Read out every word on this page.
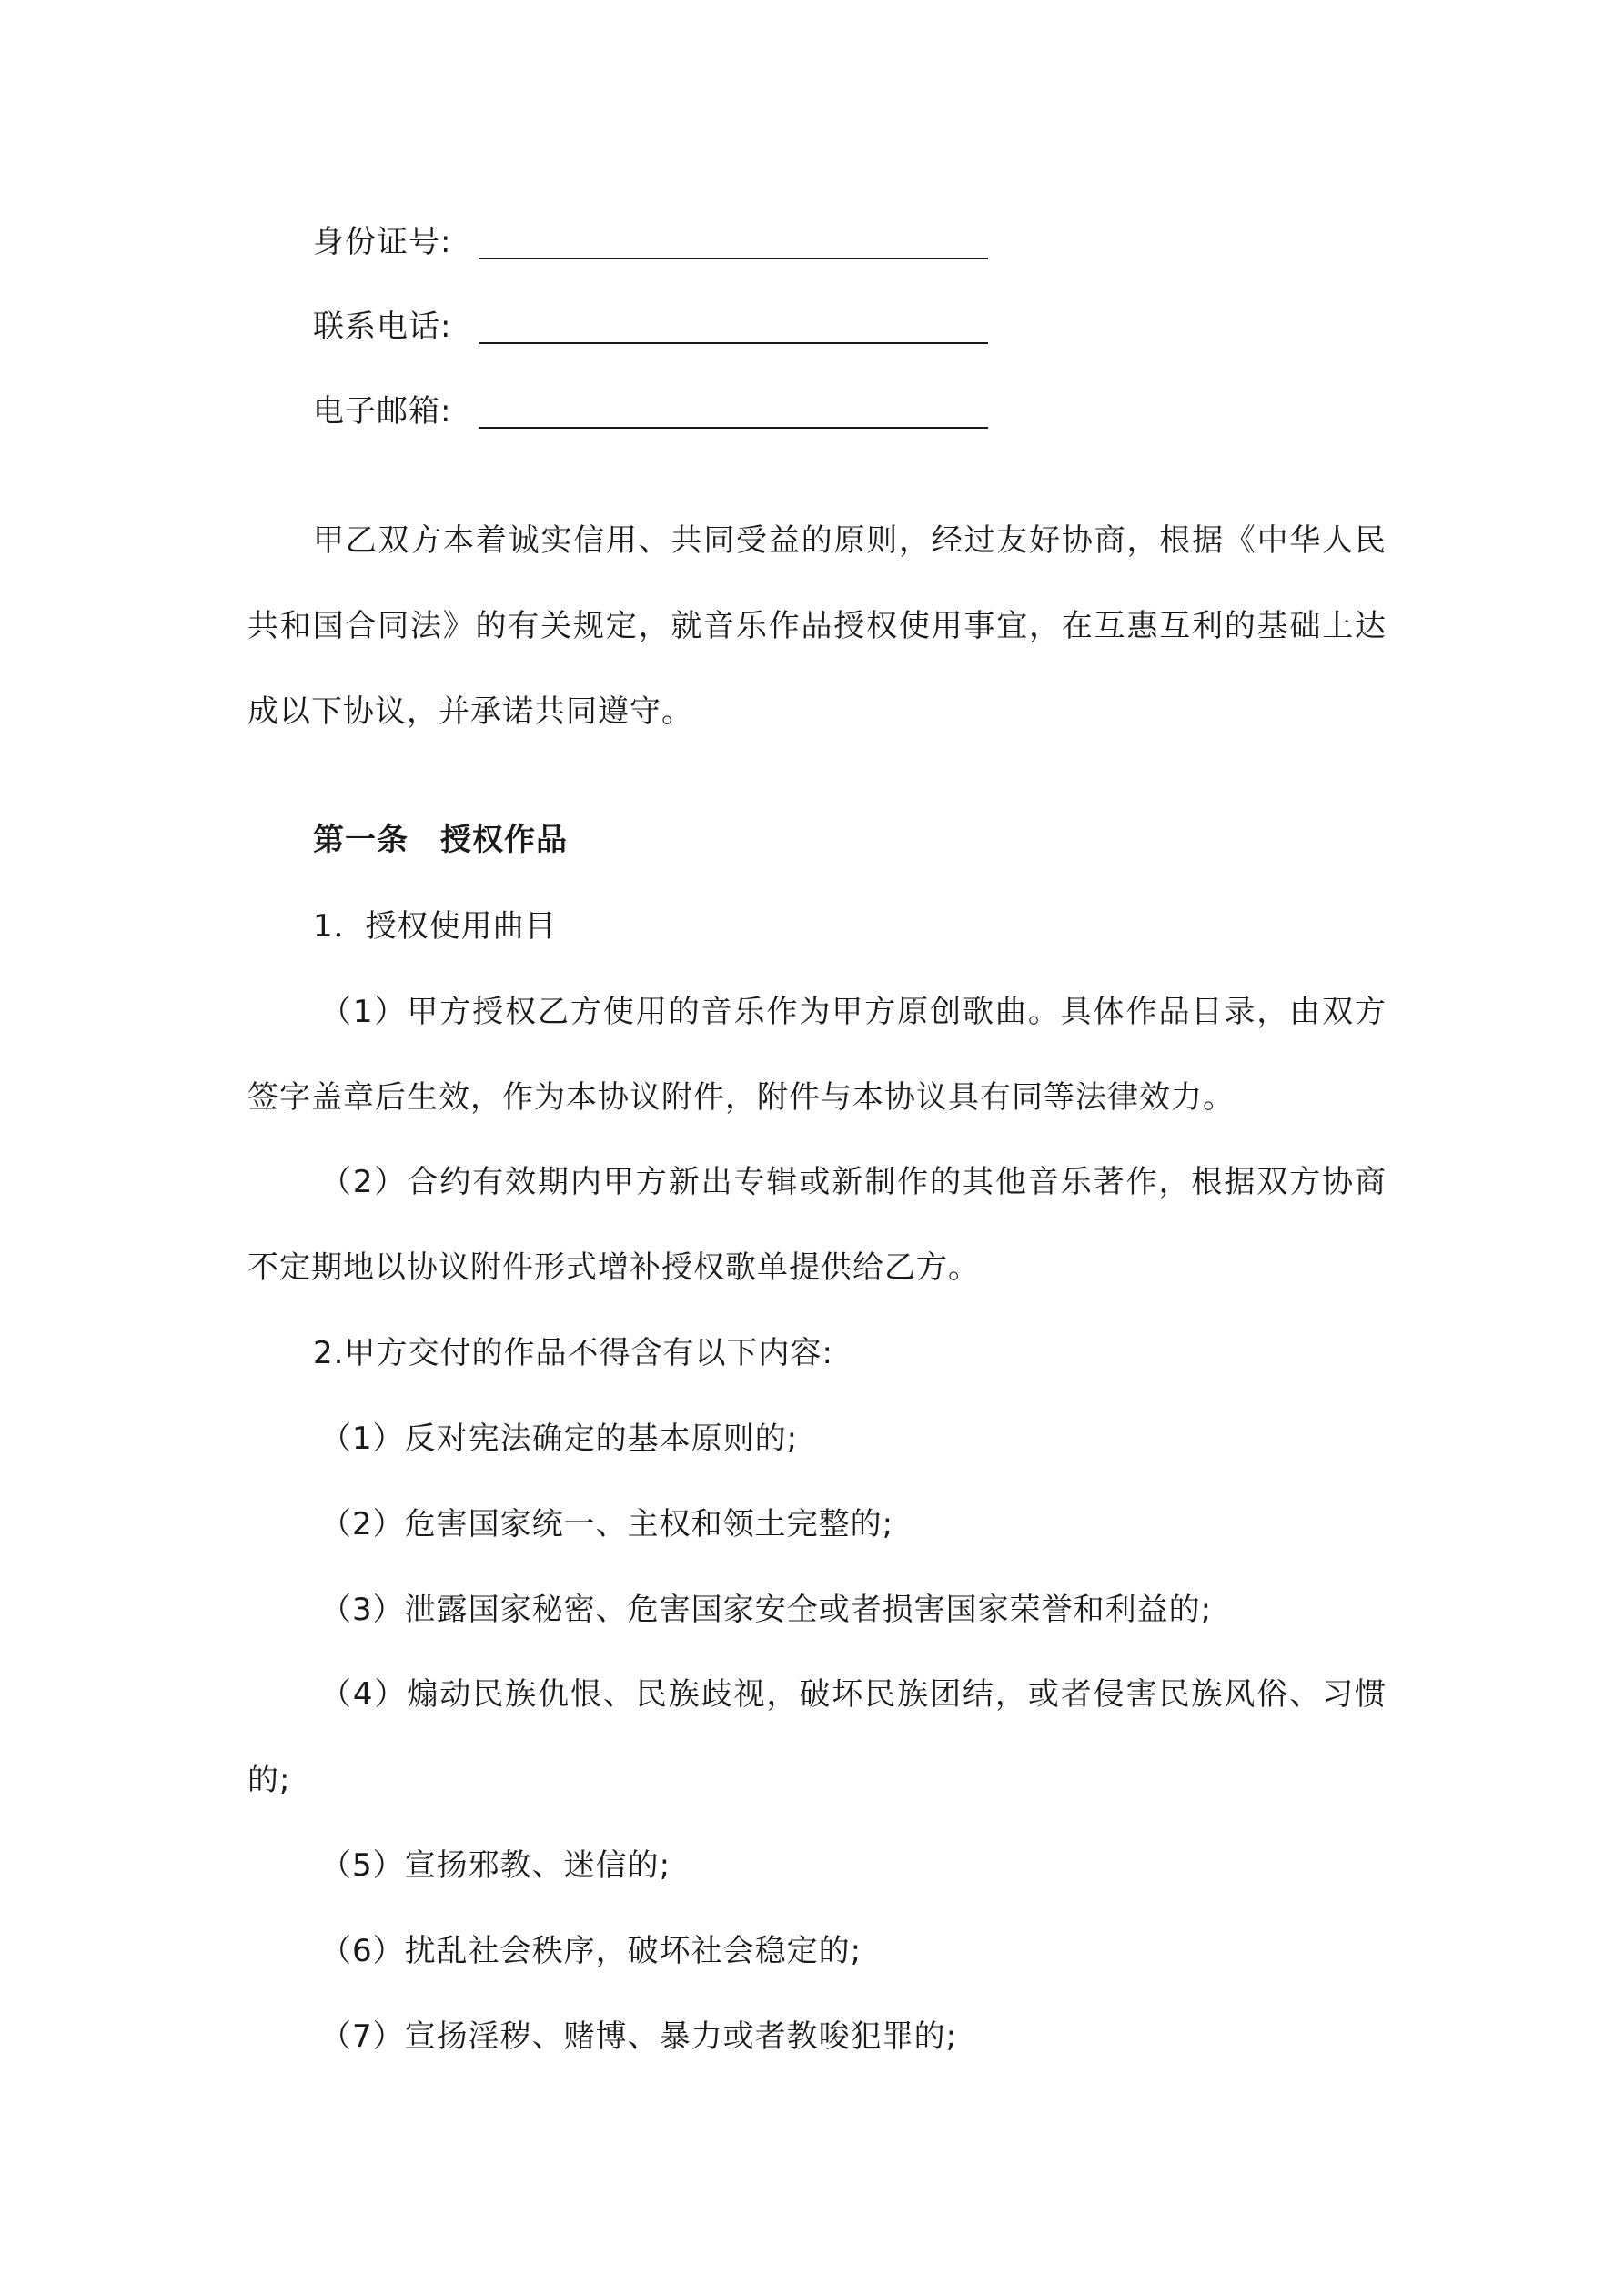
身份证号:
联系电话:
电子邮箱:
甲乙双方本着诚实信用、共同受益的原则，经过友好协商，根据《中华人民
共和国合同法》的有关规定，就音乐作品授权使用事宜，在互惠互利的基础上达
成以下协议，并承诺共同遵守。
第一条　授权作品
1．授权使用曲目
（1）甲方授权乙方使用的音乐作为甲方原创歌曲。具体作品目录，由双方
签字盖章后生效，作为本协议附件，附件与本协议具有同等法律效力。
（2）合约有效期内甲方新出专辑或新制作的其他音乐著作，根据双方协商
不定期地以协议附件形式增补授权歌单提供给乙方。
2.甲方交付的作品不得含有以下内容:
（1）反对宪法确定的基本原则的;
（2）危害国家统一、主权和领土完整的;
（3）泄露国家秘密、危害国家安全或者损害国家荣誉和利益的;
（4）煽动民族仇恨、民族歧视，破坏民族团结，或者侵害民族风俗、习惯
的;
（5）宣扬邪教、迷信的;
（6）扰乱社会秩序，破坏社会稳定的;
（7）宣扬淫秽、赌博、暴力或者教唆犯罪的;
